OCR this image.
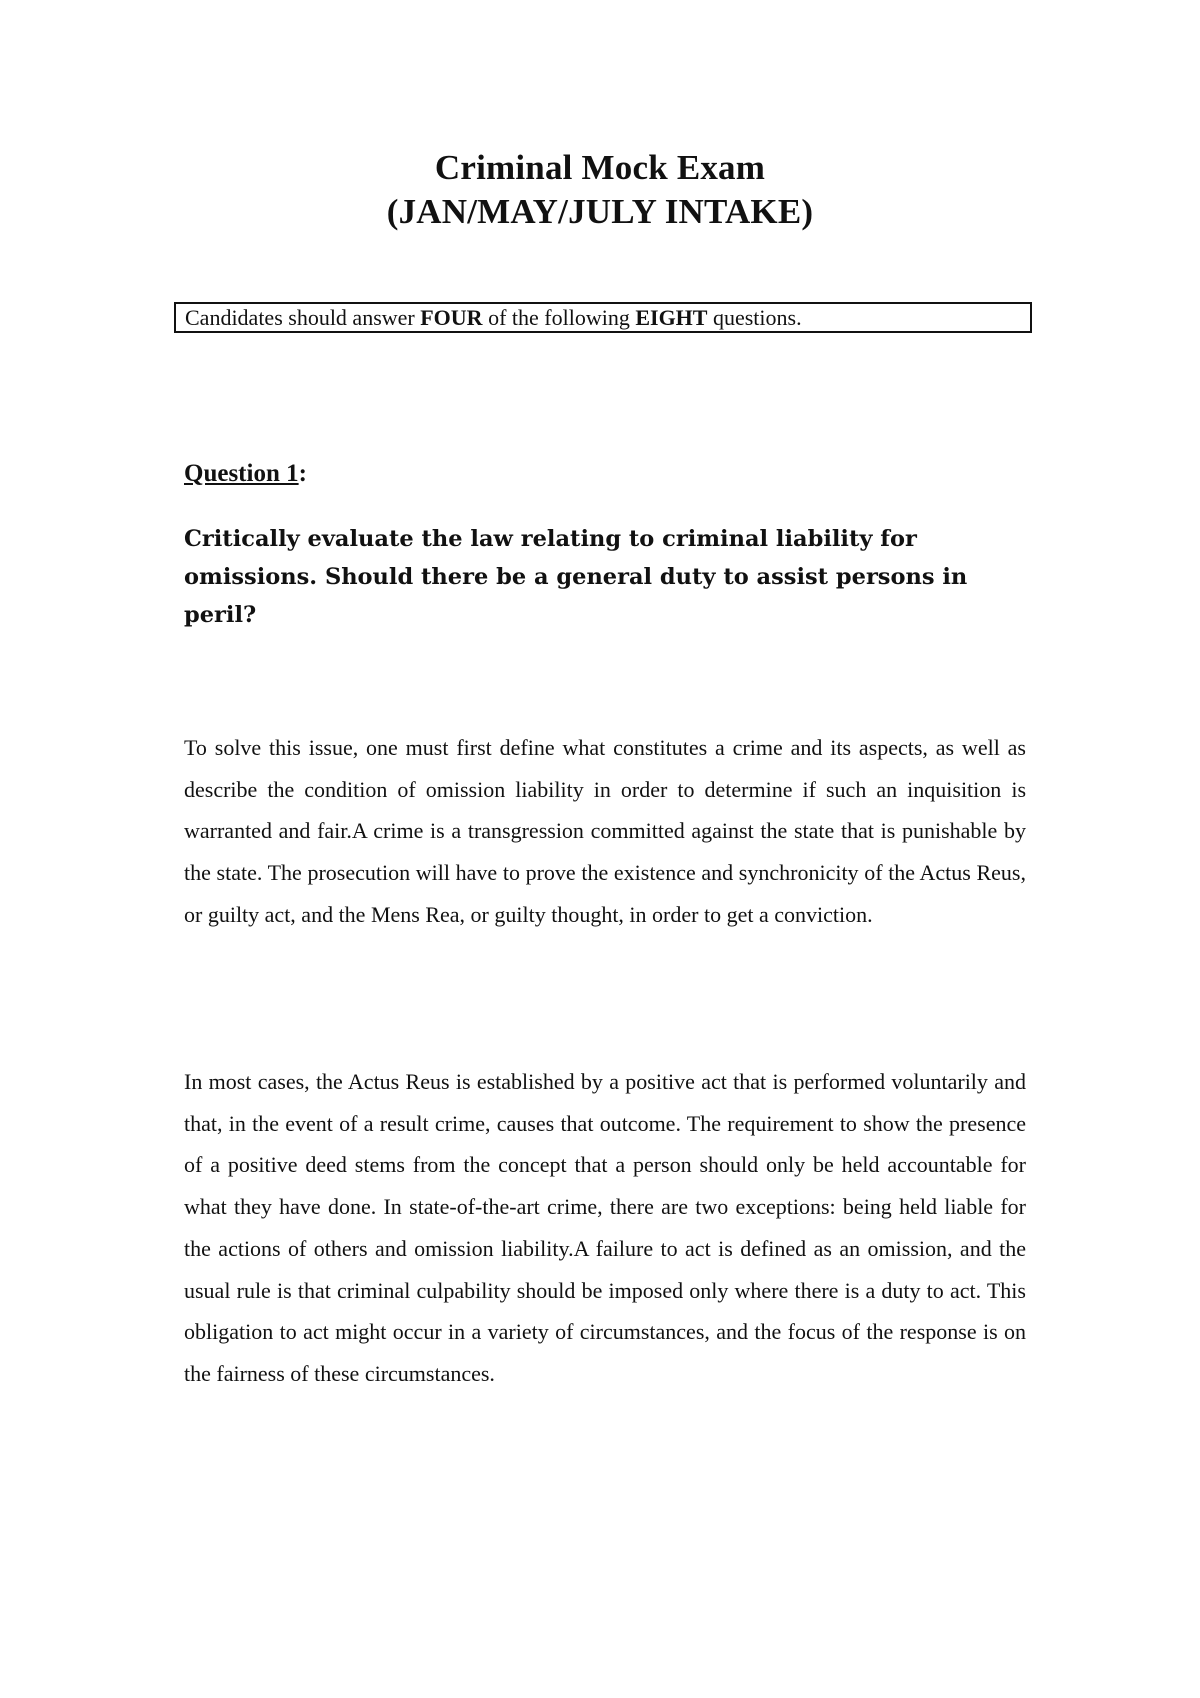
Criminal Mock Exam
(JAN/MAY/JULY INTAKE)
Candidates should answer FOUR of the following EIGHT questions.
Question 1:
Critically evaluate the law relating to criminal liability for omissions. Should there be a general duty to assist persons in peril?

To solve this issue, one must first define what constitutes a crime and its aspects, as well as describe the condition of omission liability in order to determine if such an inquisition is warranted and fair.A crime is a transgression committed against the state that is punishable by the state. The prosecution will have to prove the existence and synchronicity of the Actus Reus, or guilty act, and the Mens Rea, or guilty thought, in order to get a conviction.

In most cases, the Actus Reus is established by a positive act that is performed voluntarily and that, in the event of a result crime, causes that outcome. The requirement to show the presence of a positive deed stems from the concept that a person should only be held accountable for what they have done. In state-of-the-art crime, there are two exceptions: being held liable for the actions of others and omission liability.A failure to act is defined as an omission, and the usual rule is that criminal culpability should be imposed only where there is a duty to act. This obligation to act might occur in a variety of circumstances, and the focus of the response is on the fairness of these circumstances.
